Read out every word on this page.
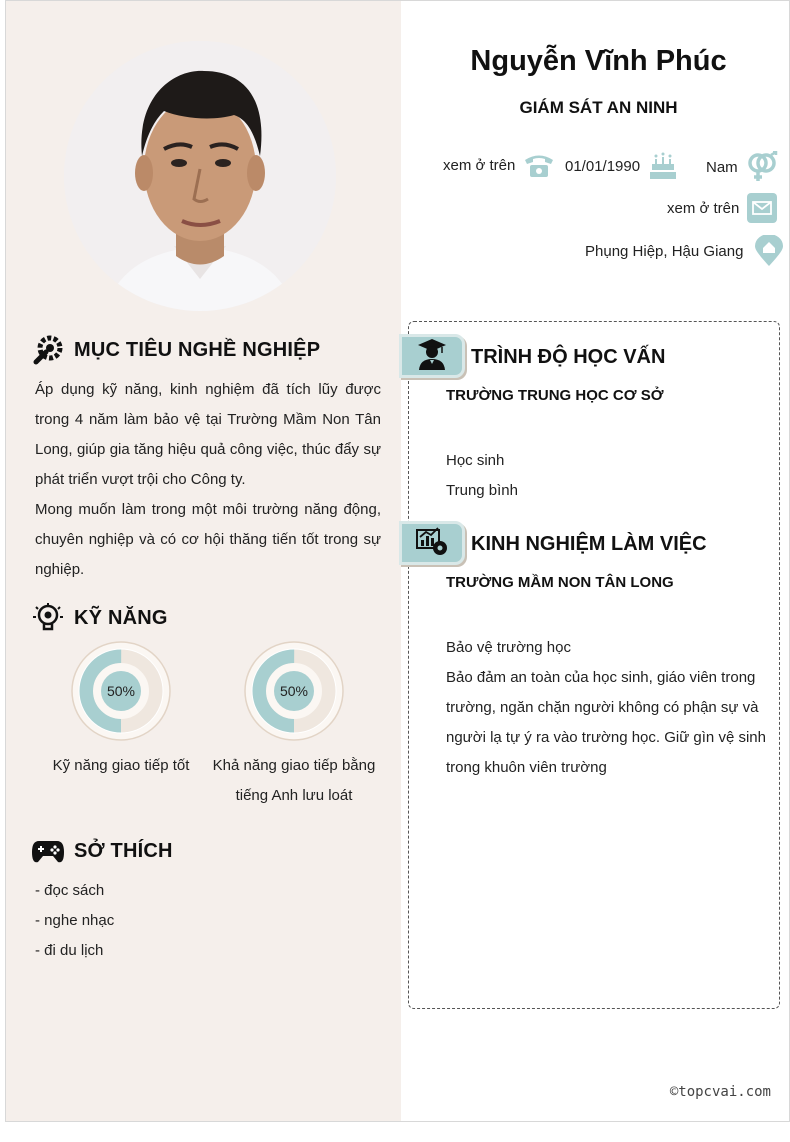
MỤC TIÊU NGHỀ NGHIỆP

Áp dụng kỹ năng, kinh nghiệm đã tích lũy được trong 4 năm làm bảo vệ tại Trường Mầm Non Tân Long, giúp gia tăng hiệu quả công việc, thúc đẩy sự phát triển vượt trội cho Công ty.

Mong muốn làm trong một môi trường năng động, chuyên nghiệp và có cơ hội thăng tiến tốt trong sự nghiệp.

KỸ NĂNG
50%
Kỹ năng giao tiếp tốt
50%
Khả năng giao tiếp bằng tiếng Anh lưu loát
SỞ THÍCH
- đọc sách
- nghe nhạc
- đi du lịch
Nguyễn Vĩnh Phúc
GIÁM SÁT AN NINH
xem ở trên	01/01/1990	Nam
xem ở trên
Phụng Hiệp, Hậu Giang
TRÌNH ĐỘ HỌC VẤN
TRƯỜNG TRUNG HỌC CƠ SỞ
Học sinh
Trung bình
KINH NGHIỆM LÀM VIỆC
TRƯỜNG MẦM NON TÂN LONG
Bảo vệ trường học
Bảo đảm an toàn của học sinh, giáo viên trong trường, ngăn chặn người không có phận sự và người lạ tự ý ra vào trường học. Giữ gìn vệ sinh trong khuôn viên trường
©topcvai.com
